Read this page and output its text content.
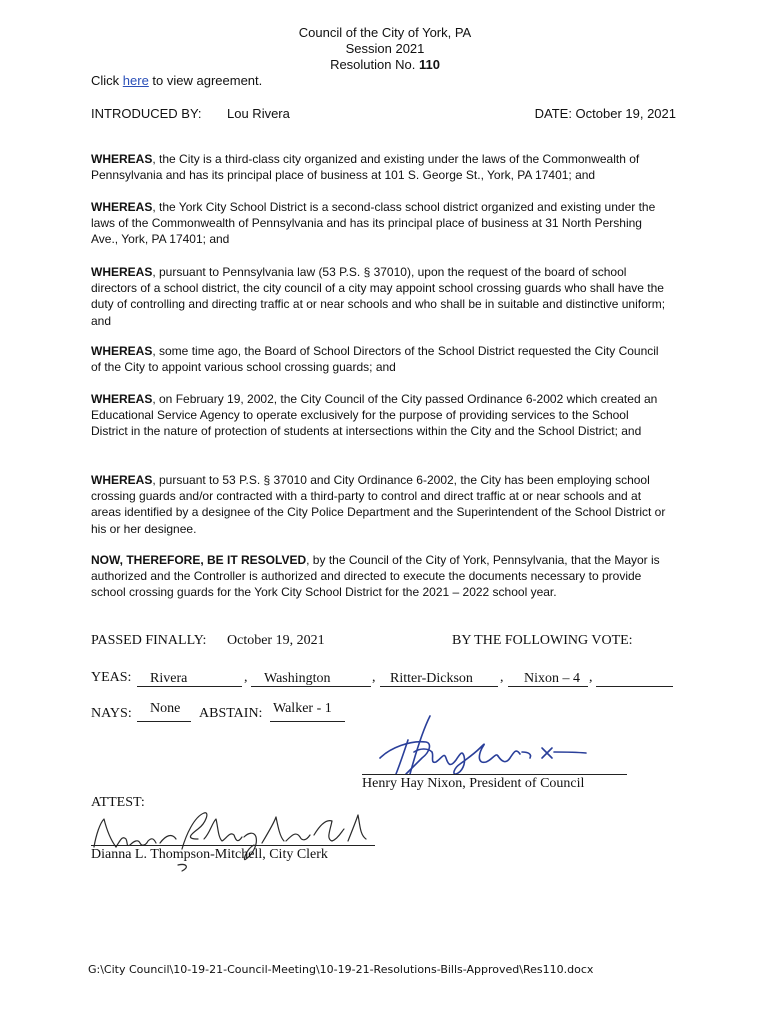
Council of the City of York, PA
Session 2021
Resolution No. 110
Click here to view agreement.
INTRODUCED BY: Lou Rivera	DATE: October 19, 2021
WHEREAS, the City is a third-class city organized and existing under the laws of the Commonwealth of Pennsylvania and has its principal place of business at 101 S. George St., York, PA 17401; and
WHEREAS, the York City School District is a second-class school district organized and existing under the laws of the Commonwealth of Pennsylvania and has its principal place of business at 31 North Pershing Ave., York, PA 17401; and
WHEREAS, pursuant to Pennsylvania law (53 P.S. § 37010), upon the request of the board of school directors of a school district, the city council of a city may appoint school crossing guards who shall have the duty of controlling and directing traffic at or near schools and who shall be in suitable and distinctive uniform; and
WHEREAS, some time ago, the Board of School Directors of the School District requested the City Council of the City to appoint various school crossing guards; and
WHEREAS, on February 19, 2002, the City Council of the City passed Ordinance 6-2002 which created an Educational Service Agency to operate exclusively for the purpose of providing services to the School District in the nature of protection of students at intersections within the City and the School District; and
WHEREAS, pursuant to 53 P.S. § 37010 and City Ordinance 6-2002, the City has been employing school crossing guards and/or contracted with a third-party to control and direct traffic at or near schools and at areas identified by a designee of the City Police Department and the Superintendent of the School District or his or her designee.
NOW, THEREFORE, BE IT RESOLVED, by the Council of the City of York, Pennsylvania, that the Mayor is authorized and the Controller is authorized and directed to execute the documents necessary to provide school crossing guards for the York City School District for the 2021 – 2022 school year.
PASSED FINALLY: October 19, 2021	BY THE FOLLOWING VOTE:
YEAS: Rivera	, Washington	, Ritter-Dickson , Nixon – 4 ,
NAYS: None ABSTAIN: Walker - 1
Henry Hay Nixon, President of Council
ATTEST:
Dianna L. Thompson-Mitchell, City Clerk
G:\City Council\10-19-21-Council-Meeting\10-19-21-Resolutions-Bills-Approved\Res110.docx
